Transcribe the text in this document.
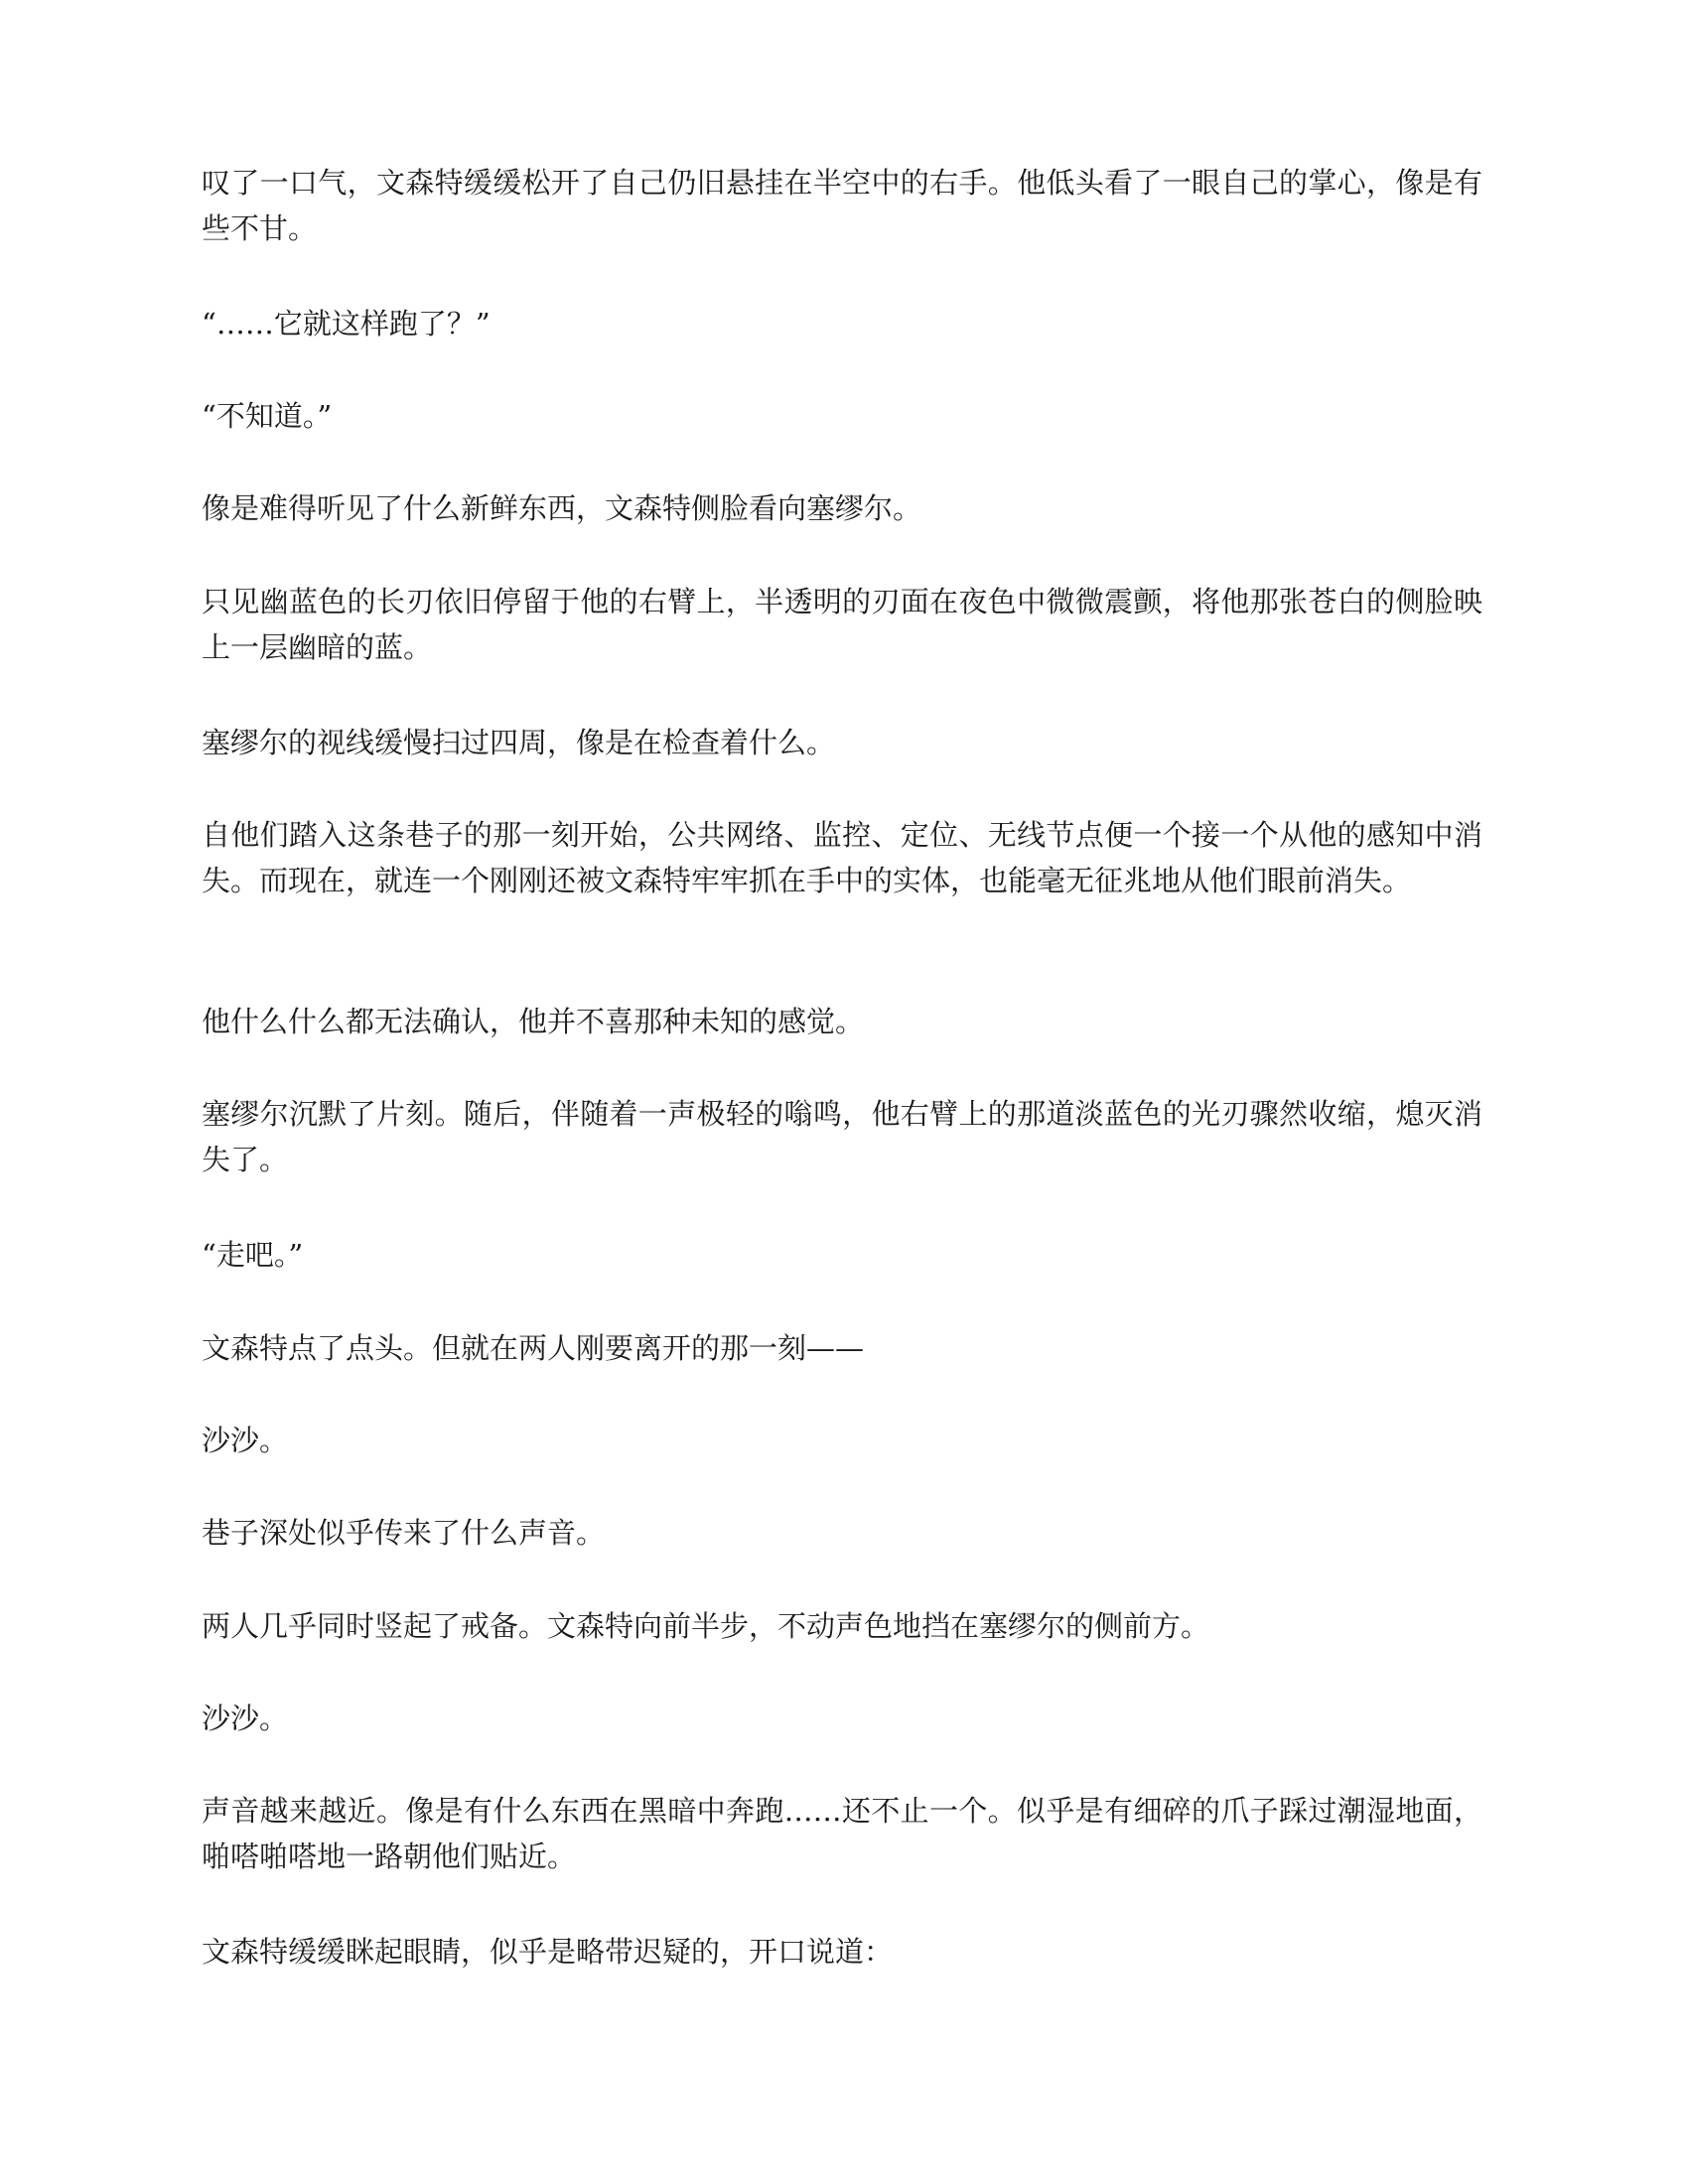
叹了一口气，文森特缓缓松开了自己仍旧悬挂在半空中的右手。他低头看了一眼自己的掌心，像是有些不甘。

“……它就这样跑了？”

“不知道。”

像是难得听见了什么新鲜东西，文森特侧脸看向塞缪尔。

只见幽蓝色的长刃依旧停留于他的右臂上，半透明的刃面在夜色中微微震颤，将他那张苍白的侧脸映上一层幽暗的蓝。

塞缪尔的视线缓慢扫过四周，像是在检查着什么。

自他们踏入这条巷子的那一刻开始，公共网络、监控、定位、无线节点便一个接一个从他的感知中消失。而现在，就连一个刚刚还被文森特牢牢抓在手中的实体，也能毫无征兆地从他们眼前消失。

他什么什么都无法确认，他并不喜那种未知的感觉。

塞缪尔沉默了片刻。随后，伴随着一声极轻的嗡鸣，他右臂上的那道淡蓝色的光刃骤然收缩，熄灭消失了。

“走吧。”

文森特点了点头。但就在两人刚要离开的那一刻——

沙沙。

巷子深处似乎传来了什么声音。

两人几乎同时竖起了戒备。文森特向前半步，不动声色地挡在塞缪尔的侧前方。

沙沙。

声音越来越近。像是有什么东西在黑暗中奔跑……还不止一个。似乎是有细碎的爪子踩过潮湿地面，啪嗒啪嗒地一路朝他们贴近。

文森特缓缓眯起眼睛，似乎是略带迟疑的，开口说道：
